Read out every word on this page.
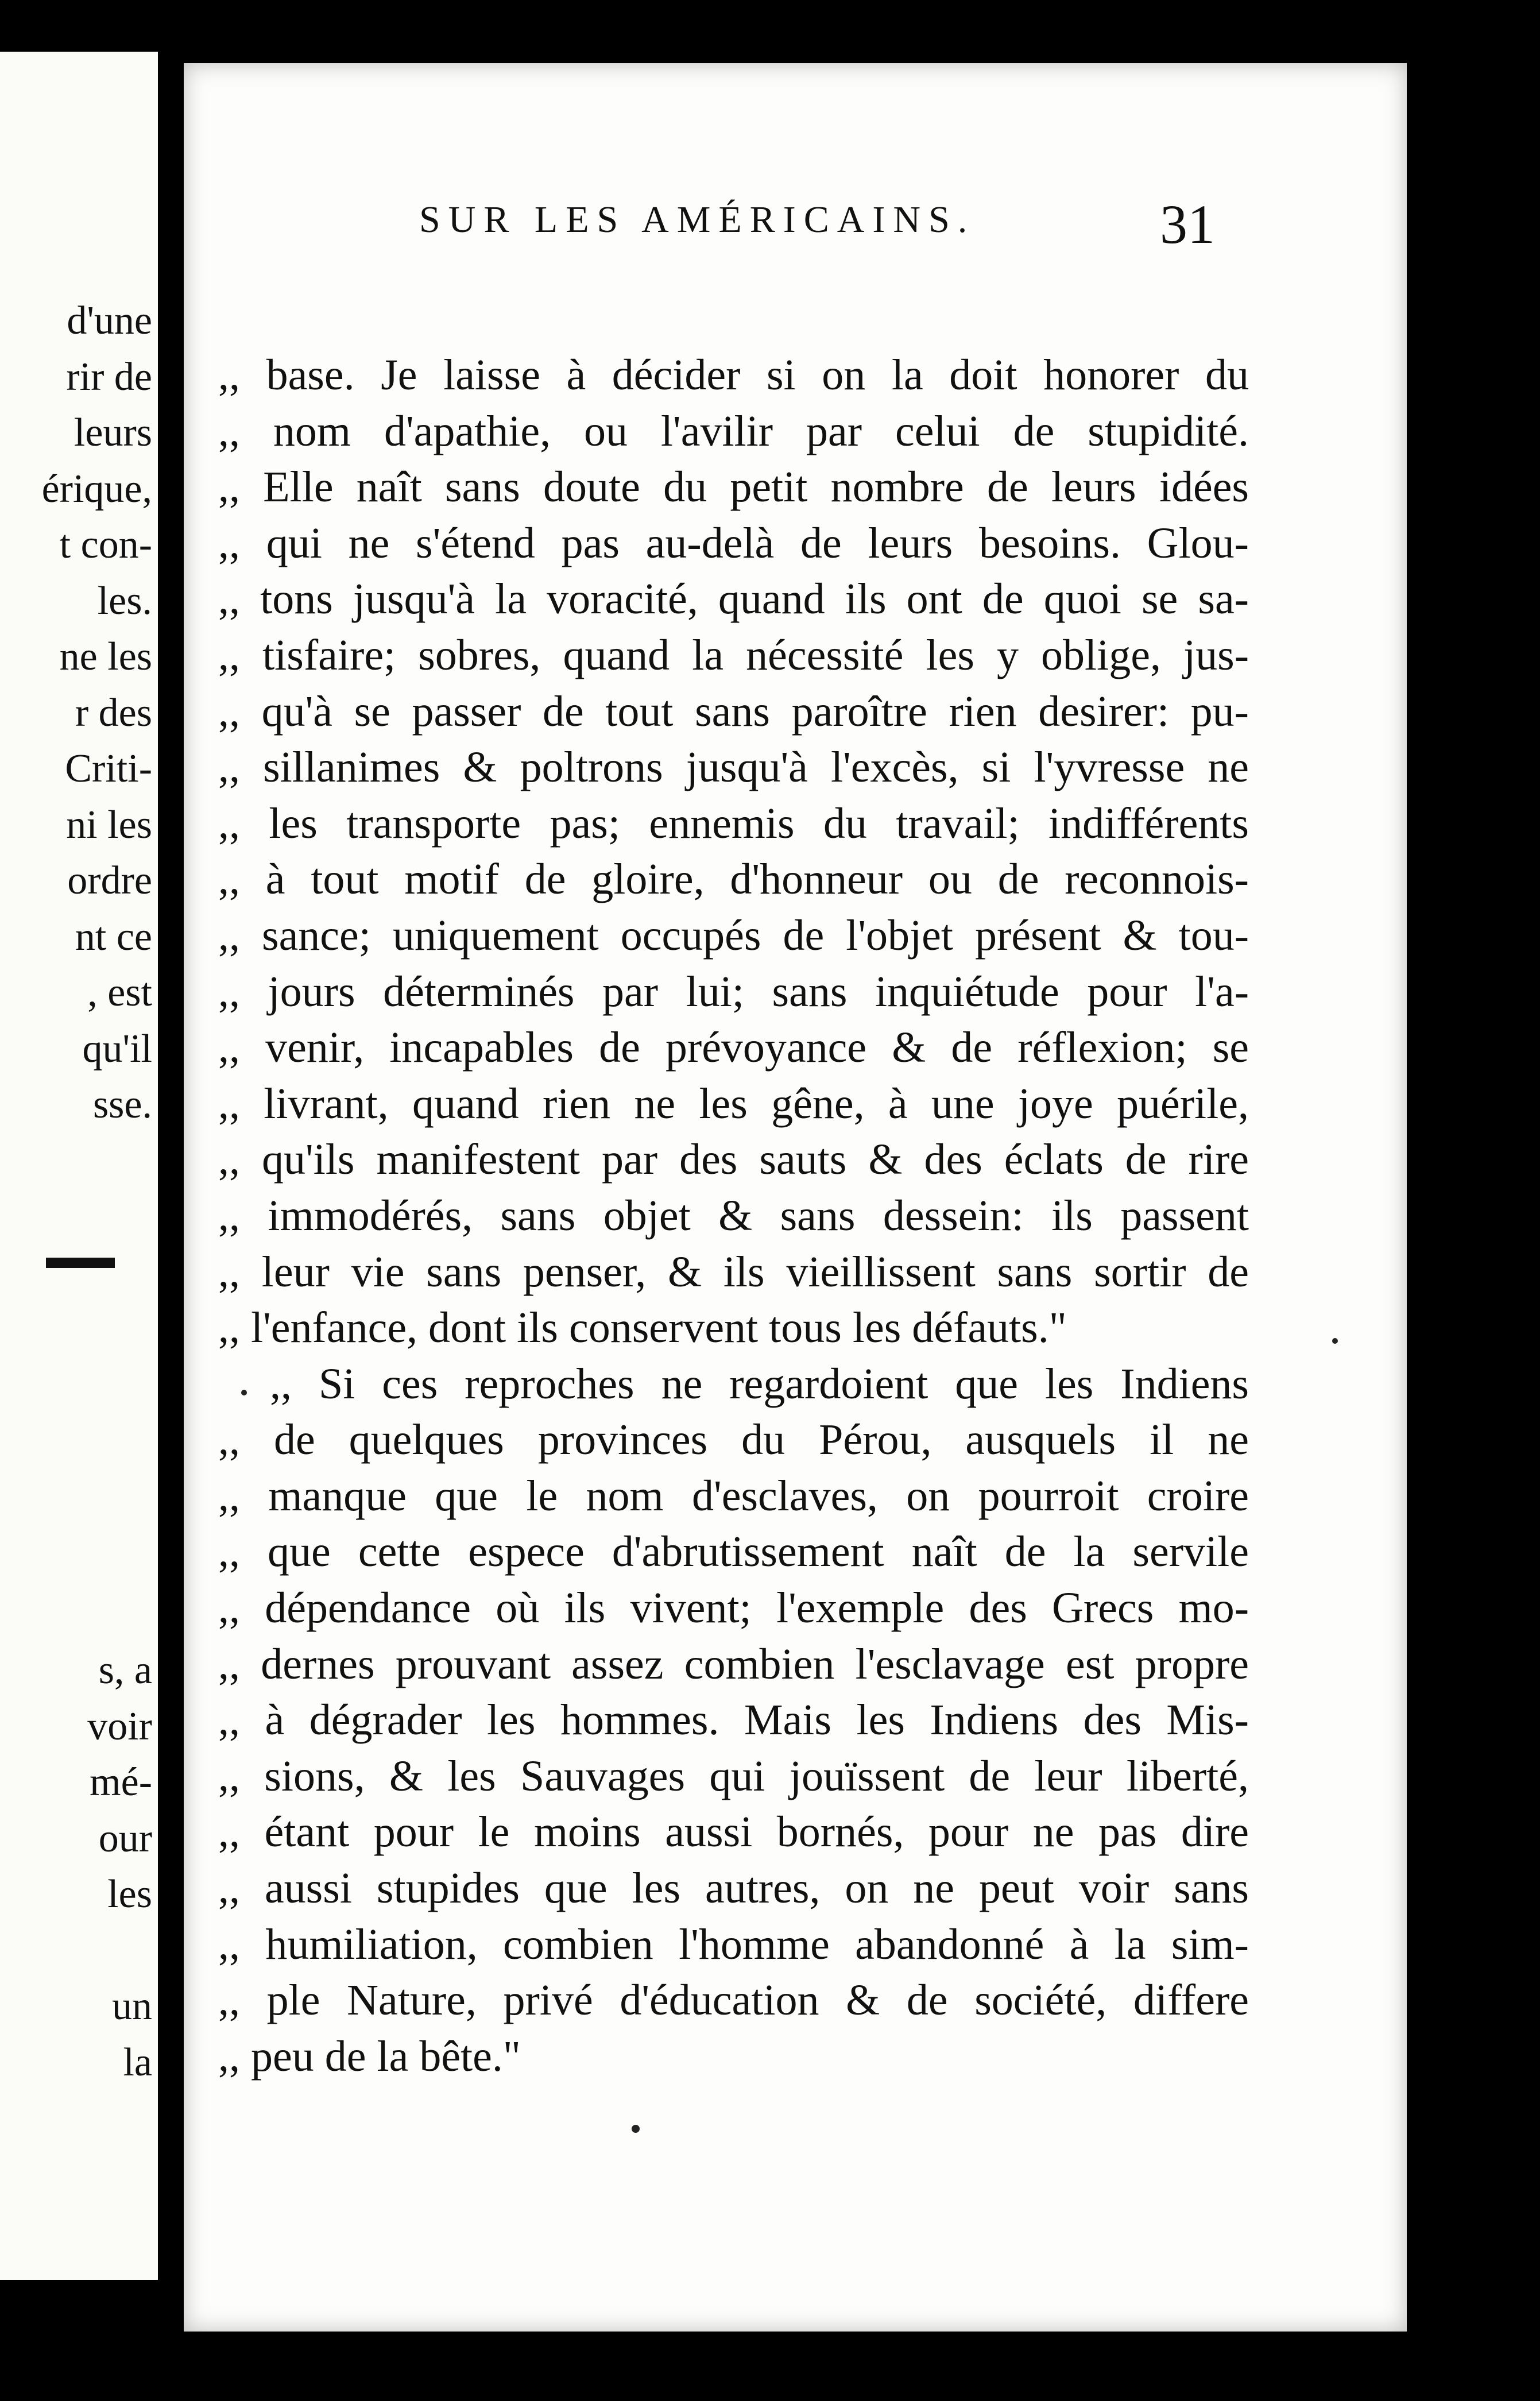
d'une
rir de
leurs
érique,
t con-
les.
ne les
r des
Criti-
ni les
ordre
nt ce
, est
qu'il
sse.
s, a
voir
mé-
our
les
un
la
SUR LES AMÉRICAINS.	31
,, base. Je laisse à décider si on la doit honorer du
,, nom d'apathie, ou l'avilir par celui de stupidité.
,, Elle naît sans doute du petit nombre de leurs idées
,, qui ne s'étend pas au-delà de leurs besoins. Glou-
,, tons jusqu'à la voracité, quand ils ont de quoi se sa-
,, tisfaire; sobres, quand la nécessité les y oblige, jus-
,, qu'à se passer de tout sans paroître rien desirer: pu-
,, sillanimes & poltrons jusqu'à l'excès, si l'yvresse ne
,, les transporte pas; ennemis du travail; indifférents
,, à tout motif de gloire, d'honneur ou de reconnois-
,, sance; uniquement occupés de l'objet présent & tou-
,, jours déterminés par lui; sans inquiétude pour l'a-
,, venir, incapables de prévoyance & de réflexion; se
,, livrant, quand rien ne les gêne, à une joye puérile,
,, qu'ils manifestent par des sauts & des éclats de rire
,, immodérés, sans objet & sans dessein: ils passent
,, leur vie sans penser, & ils vieillissent sans sortir de
,, l'enfance, dont ils conservent tous les défauts."
,, Si ces reproches ne regardoient que les Indiens
,, de quelques provinces du Pérou, ausquels il ne
,, manque que le nom d'esclaves, on pourroit croire
,, que cette espece d'abrutissement naît de la servile
,, dépendance où ils vivent; l'exemple des Grecs mo-
,, dernes prouvant assez combien l'esclavage est propre
,, à dégrader les hommes. Mais les Indiens des Mis-
,, sions, & les Sauvages qui jouïssent de leur liberté,
,, étant pour le moins aussi bornés, pour ne pas dire
,, aussi stupides que les autres, on ne peut voir sans
,, humiliation, combien l'homme abandonné à la sim-
,, ple Nature, privé d'éducation & de société, differe
,, peu de la bête."
